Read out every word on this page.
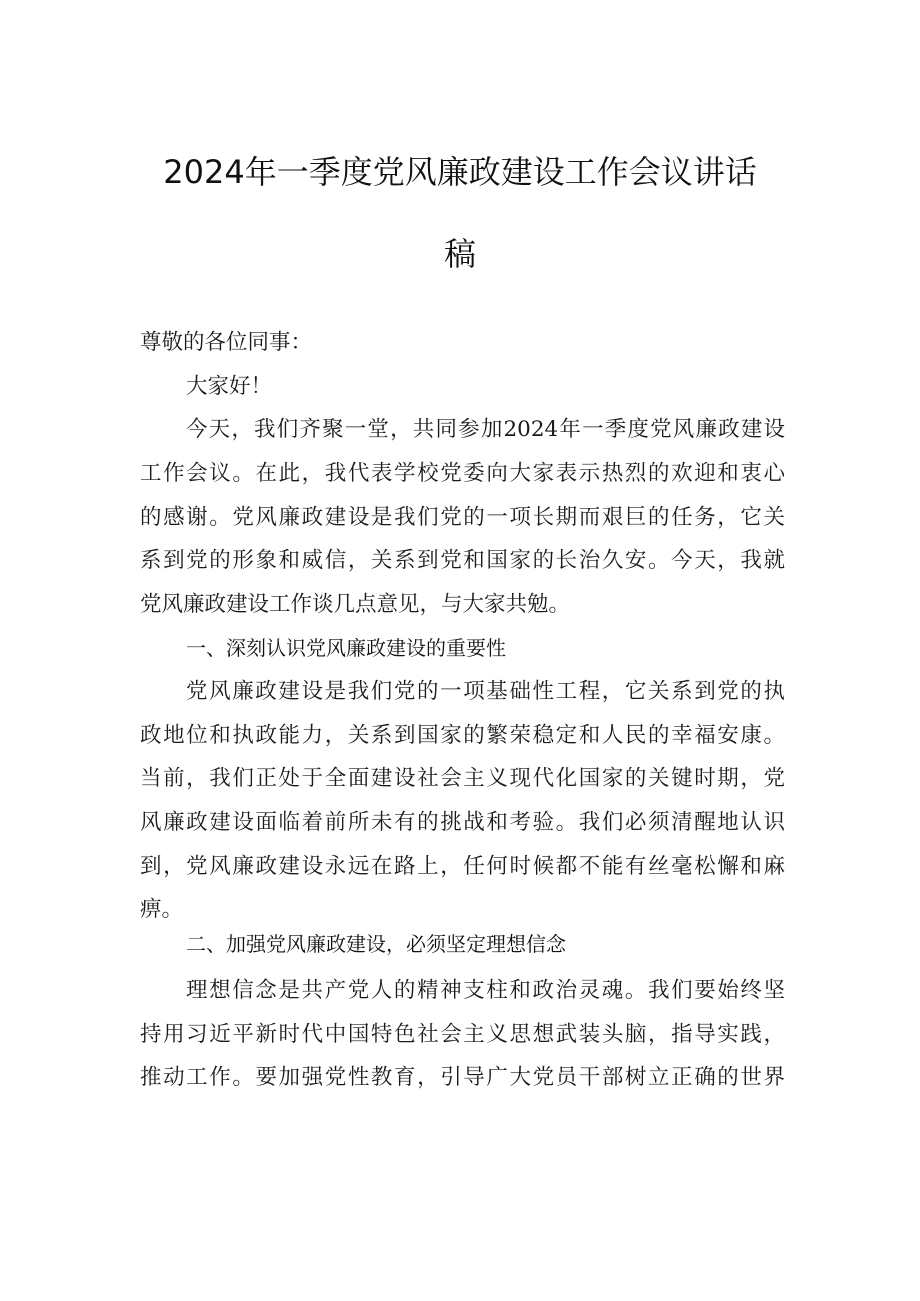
2024年一季度党风廉政建设工作会议讲话
稿
尊敬的各位同事：
大家好！
今天，我们齐聚一堂，共同参加2024年一季度党风廉政建设
工作会议。在此，我代表学校党委向大家表示热烈的欢迎和衷心
的感谢。党风廉政建设是我们党的一项长期而艰巨的任务，它关
系到党的形象和威信，关系到党和国家的长治久安。今天，我就
党风廉政建设工作谈几点意见，与大家共勉。
一、深刻认识党风廉政建设的重要性
党风廉政建设是我们党的一项基础性工程，它关系到党的执
政地位和执政能力，关系到国家的繁荣稳定和人民的幸福安康。
当前，我们正处于全面建设社会主义现代化国家的关键时期，党
风廉政建设面临着前所未有的挑战和考验。我们必须清醒地认识
到，党风廉政建设永远在路上，任何时候都不能有丝毫松懈和麻
痹。
二、加强党风廉政建设，必须坚定理想信念
理想信念是共产党人的精神支柱和政治灵魂。我们要始终坚
持用习近平新时代中国特色社会主义思想武装头脑，指导实践，
推动工作。要加强党性教育，引导广大党员干部树立正确的世界
